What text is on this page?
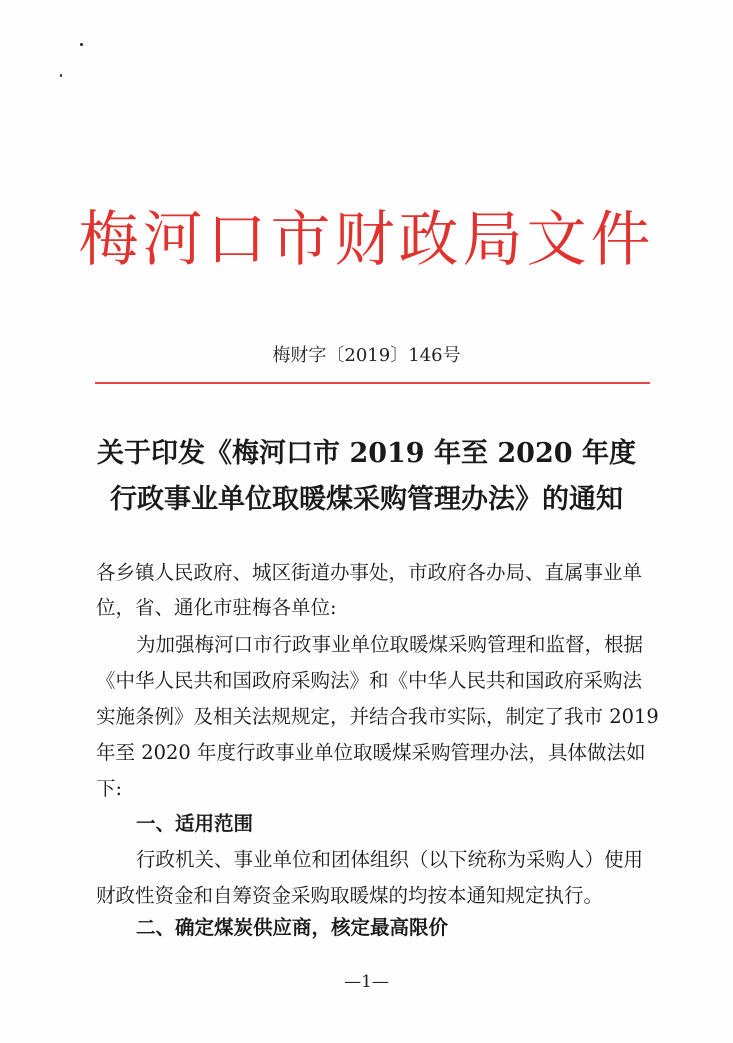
梅河口市财政局文件
梅财字〔2019〕146号
关于印发《梅河口市 2019 年至 2020 年度
行政事业单位取暖煤采购管理办法》的通知
各乡镇人民政府、城区街道办事处，市政府各办局、直属事业单
位，省、通化市驻梅各单位:
为加强梅河口市行政事业单位取暖煤采购管理和监督，根据
《中华人民共和国政府采购法》和《中华人民共和国政府采购法
实施条例》及相关法规规定，并结合我市实际，制定了我市 2019
年至 2020 年度行政事业单位取暖煤采购管理办法，具体做法如
下:
一、适用范围
行政机关、事业单位和团体组织（以下统称为采购人）使用
财政性资金和自筹资金采购取暖煤的均按本通知规定执行。
二、确定煤炭供应商，核定最高限价
—1—
